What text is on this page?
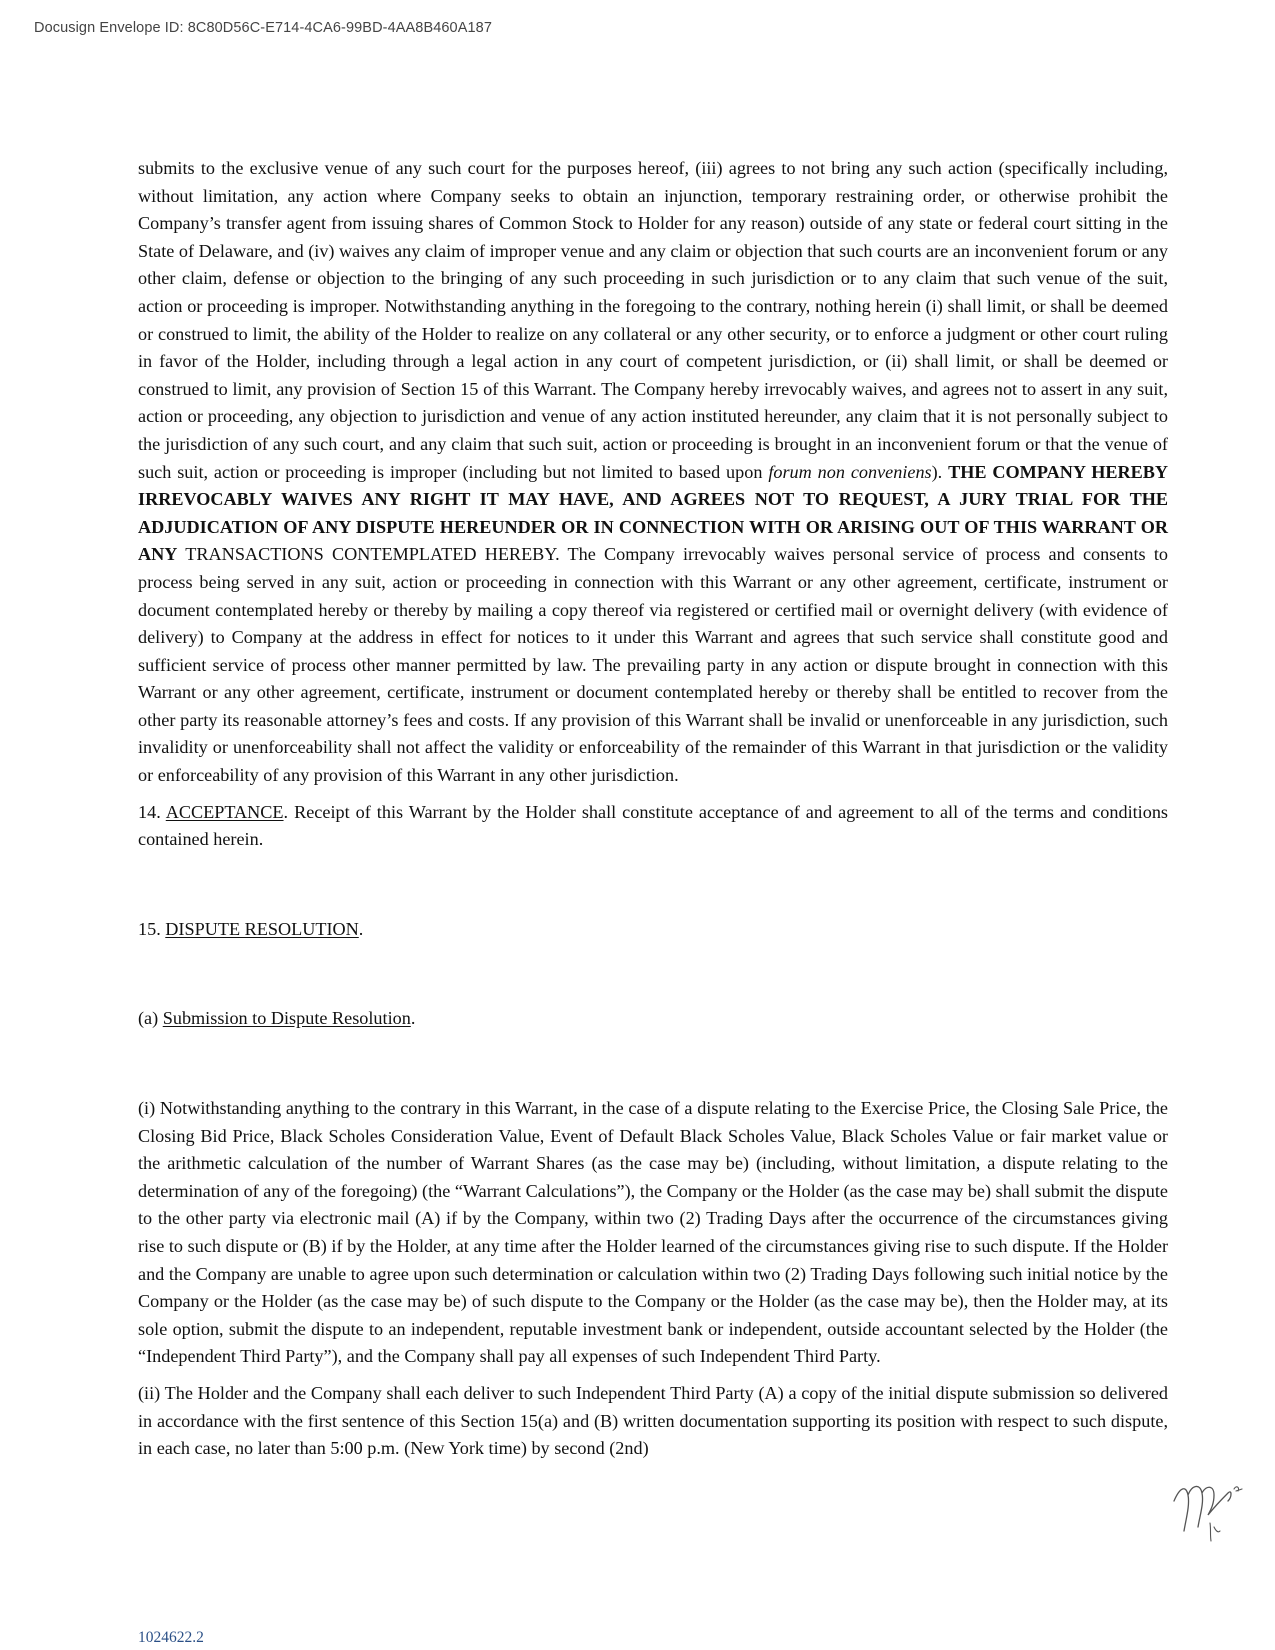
Docusign Envelope ID: 8C80D56C-E714-4CA6-99BD-4AA8B460A187

submits to the exclusive venue of any such court for the purposes hereof, (iii) agrees to not bring any such action (specifically including, without limitation, any action where Company seeks to obtain an injunction, temporary restraining order, or otherwise prohibit the Company’s transfer agent from issuing shares of Common Stock to Holder for any reason) outside of any state or federal court sitting in the State of Delaware, and (iv) waives any claim of improper venue and any claim or objection that such courts are an inconvenient forum or any other claim, defense or objection to the bringing of any such proceeding in such jurisdiction or to any claim that such venue of the suit, action or proceeding is improper. Notwithstanding anything in the foregoing to the contrary, nothing herein (i) shall limit, or shall be deemed or construed to limit, the ability of the Holder to realize on any collateral or any other security, or to enforce a judgment or other court ruling in favor of the Holder, including through a legal action in any court of competent jurisdiction, or (ii) shall limit, or shall be deemed or construed to limit, any provision of Section 15 of this Warrant. The Company hereby irrevocably waives, and agrees not to assert in any suit, action or proceeding, any objection to jurisdiction and venue of any action instituted hereunder, any claim that it is not personally subject to the jurisdiction of any such court, and any claim that such suit, action or proceeding is brought in an inconvenient forum or that the venue of such suit, action or proceeding is improper (including but not limited to based upon forum non conveniens). THE COMPANY HEREBY IRREVOCABLY WAIVES ANY RIGHT IT MAY HAVE, AND AGREES NOT TO REQUEST, A JURY TRIAL FOR THE ADJUDICATION OF ANY DISPUTE HEREUNDER OR IN CONNECTION WITH OR ARISING OUT OF THIS WARRANT OR ANY TRANSACTIONS CONTEMPLATED HEREBY. The Company irrevocably waives personal service of process and consents to process being served in any suit, action or proceeding in connection with this Warrant or any other agreement, certificate, instrument or document contemplated hereby or thereby by mailing a copy thereof via registered or certified mail or overnight delivery (with evidence of delivery) to Company at the address in effect for notices to it under this Warrant and agrees that such service shall constitute good and sufficient service of process other manner permitted by law. The prevailing party in any action or dispute brought in connection with this Warrant or any other agreement, certificate, instrument or document contemplated hereby or thereby shall be entitled to recover from the other party its reasonable attorney’s fees and costs. If any provision of this Warrant shall be invalid or unenforceable in any jurisdiction, such invalidity or unenforceability shall not affect the validity or enforceability of the remainder of this Warrant in that jurisdiction or the validity or enforceability of any provision of this Warrant in any other jurisdiction.

14. ACCEPTANCE. Receipt of this Warrant by the Holder shall constitute acceptance of and agreement to all of the terms and conditions contained herein.

15. DISPUTE RESOLUTION.

(a) Submission to Dispute Resolution.

(i) Notwithstanding anything to the contrary in this Warrant, in the case of a dispute relating to the Exercise Price, the Closing Sale Price, the Closing Bid Price, Black Scholes Consideration Value, Event of Default Black Scholes Value, Black Scholes Value or fair market value or the arithmetic calculation of the number of Warrant Shares (as the case may be) (including, without limitation, a dispute relating to the determination of any of the foregoing) (the “Warrant Calculations”), the Company or the Holder (as the case may be) shall submit the dispute to the other party via electronic mail (A) if by the Company, within two (2) Trading Days after the occurrence of the circumstances giving rise to such dispute or (B) if by the Holder, at any time after the Holder learned of the circumstances giving rise to such dispute. If the Holder and the Company are unable to agree upon such determination or calculation within two (2) Trading Days following such initial notice by the Company or the Holder (as the case may be) of such dispute to the Company or the Holder (as the case may be), then the Holder may, at its sole option, submit the dispute to an independent, reputable investment bank or independent, outside accountant selected by the Holder (the “Independent Third Party”), and the Company shall pay all expenses of such Independent Third Party.

(ii) The Holder and the Company shall each deliver to such Independent Third Party (A) a copy of the initial dispute submission so delivered in accordance with the first sentence of this Section 15(a) and (B) written documentation supporting its position with respect to such dispute, in each case, no later than 5:00 p.m. (New York time) by second (2nd)

1024622.2
